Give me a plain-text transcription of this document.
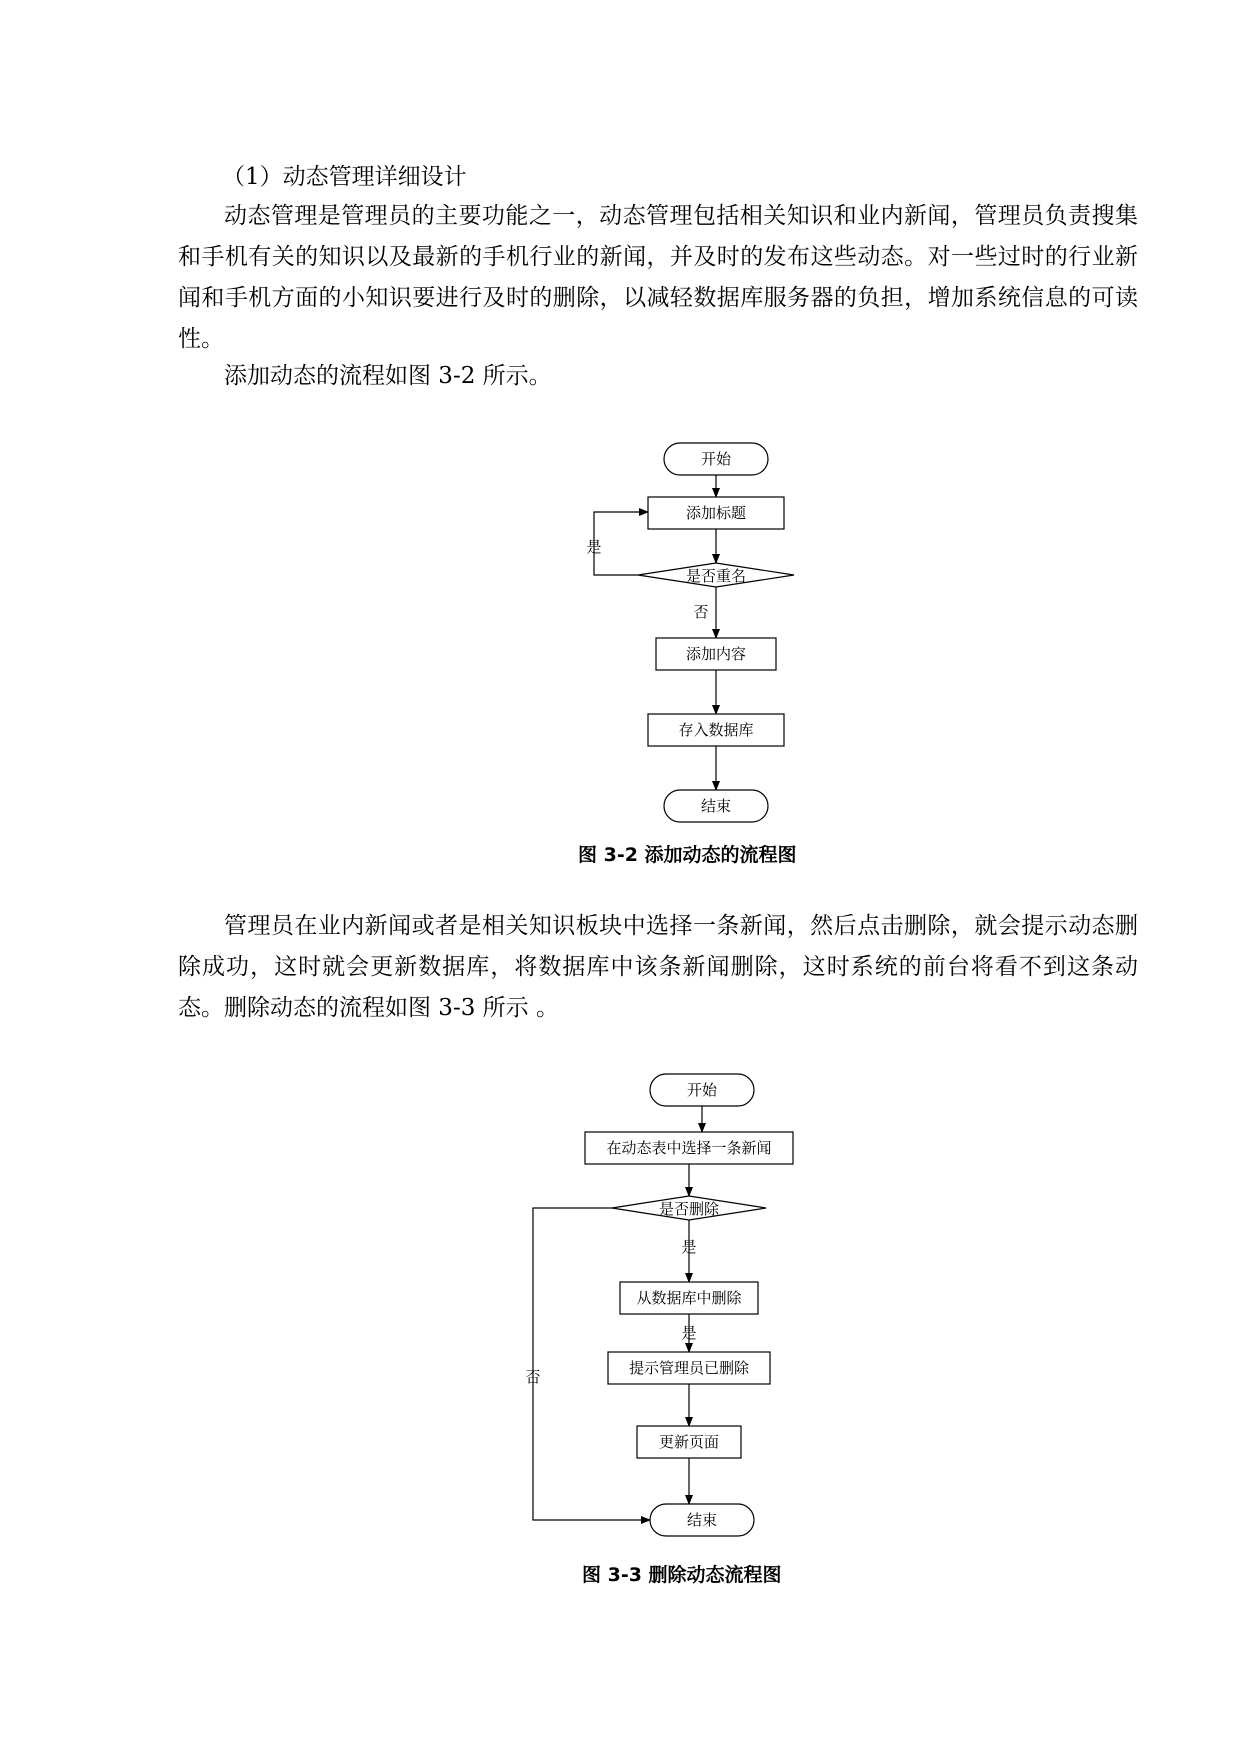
（1）动态管理详细设计

动态管理是管理员的主要功能之一，动态管理包括相关知识和业内新闻，管理员负责搜集和手机有关的知识以及最新的手机行业的新闻，并及时的发布这些动态。对一些过时的行业新闻和手机方面的小知识要进行及时的删除，以减轻数据库服务器的负担，增加系统信息的可读性。

添加动态的流程如图 3-2 所示。
开始
添加标题
是否重名
是
否
添加内容
存入数据库
结束
图 3-2 添加动态的流程图

管理员在业内新闻或者是相关知识板块中选择一条新闻，然后点击删除，就会提示动态删除成功，这时就会更新数据库，将数据库中该条新闻删除，这时系统的前台将看不到这条动态。删除动态的流程如图 3-3 所示 。

开始
在动态表中选择一条新闻
是否删除
否
是
从数据库中删除
是
提示管理员已删除
更新页面
结束
图 3-3 删除动态流程图
